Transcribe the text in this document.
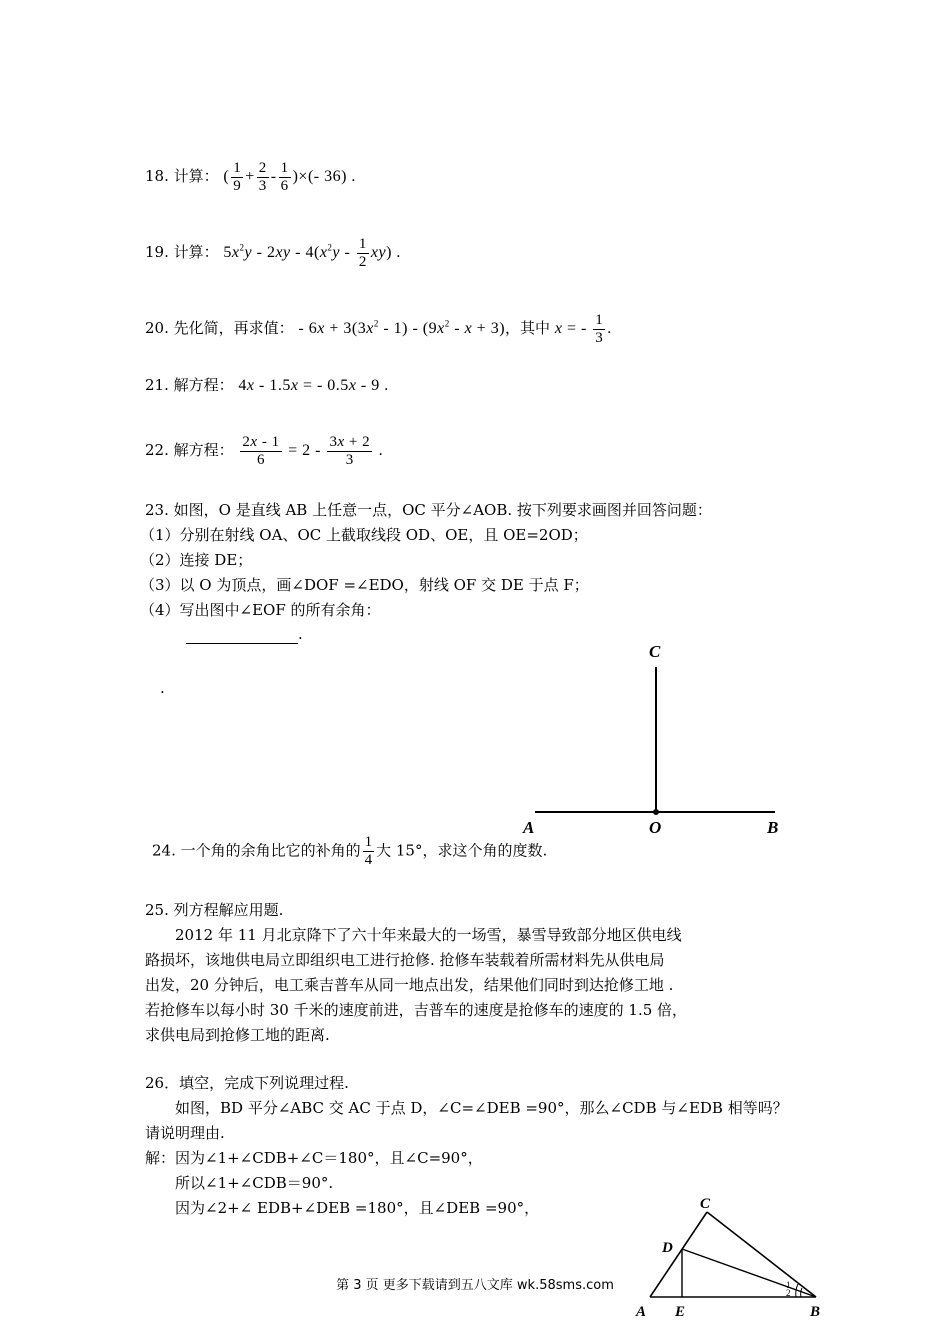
18. 计算： ( $\frac{1}{9} + \frac{2}{3} - \frac{1}{6}$ )×(- 36) .
19. 计算： $5x^2y - 2xy - 4(x^2y - \frac{1}{2} xy)$ .
20. 先化简，再求值： - $6x + 3(3x^2 - 1) - (9x^2 - x + 3)$，其中 x = - $\frac{1}{3}$ .
21. 解方程： 4x - 1.5x = - 0.5x - 9 .
22. 解方程： $\frac{2x - 1}{6} = 2 - \frac{3x + 2}{3}$ .
23. 如图，O 是直线 AB 上任意一点，OC 平分∠AOB. 按下列要求画图并回答问题：
（1）分别在射线 OA、OC 上截取线段 OD、OE，且 OE=2OD；
（2）连接 DE；
（3）以 O 为顶点，画∠DOF =∠EDO，射线 OF 交 DE 于点 F；
（4）写出图中∠EOF 的所有余角：
.
.
C
A	O	B
24. 一个角的余角比它的补角的 $\frac{1}{4}$ 大 15°，求这个角的度数.
25. 列方程解应用题.
2012 年 11 月北京降下了六十年来最大的一场雪，暴雪导致部分地区供电线
路损坏，该地供电局立即组织电工进行抢修. 抢修车装载着所需材料先从供电局
出发，20 分钟后，电工乘吉普车从同一地点出发，结果他们同时到达抢修工地 .
若抢修车以每小时 30 千米的速度前进，吉普车的速度是抢修车的速度的 1.5 倍，
求供电局到抢修工地的距离.
26．填空，完成下列说理过程.
如图，BD 平分∠ABC 交 AC 于点 D，∠C=∠DEB =90°，那么∠CDB 与∠EDB 相等吗？
请说明理由.
解：因为∠1+∠CDB+∠C＝180°，且∠C=90°，
所以∠1+∠CDB＝90°.
因为∠2+∠ EDB+∠DEB =180°，且∠DEB =90°，	C
D
A E	B
1
2
第 3 页 更多下载请到五八文库 wk.58sms.com
